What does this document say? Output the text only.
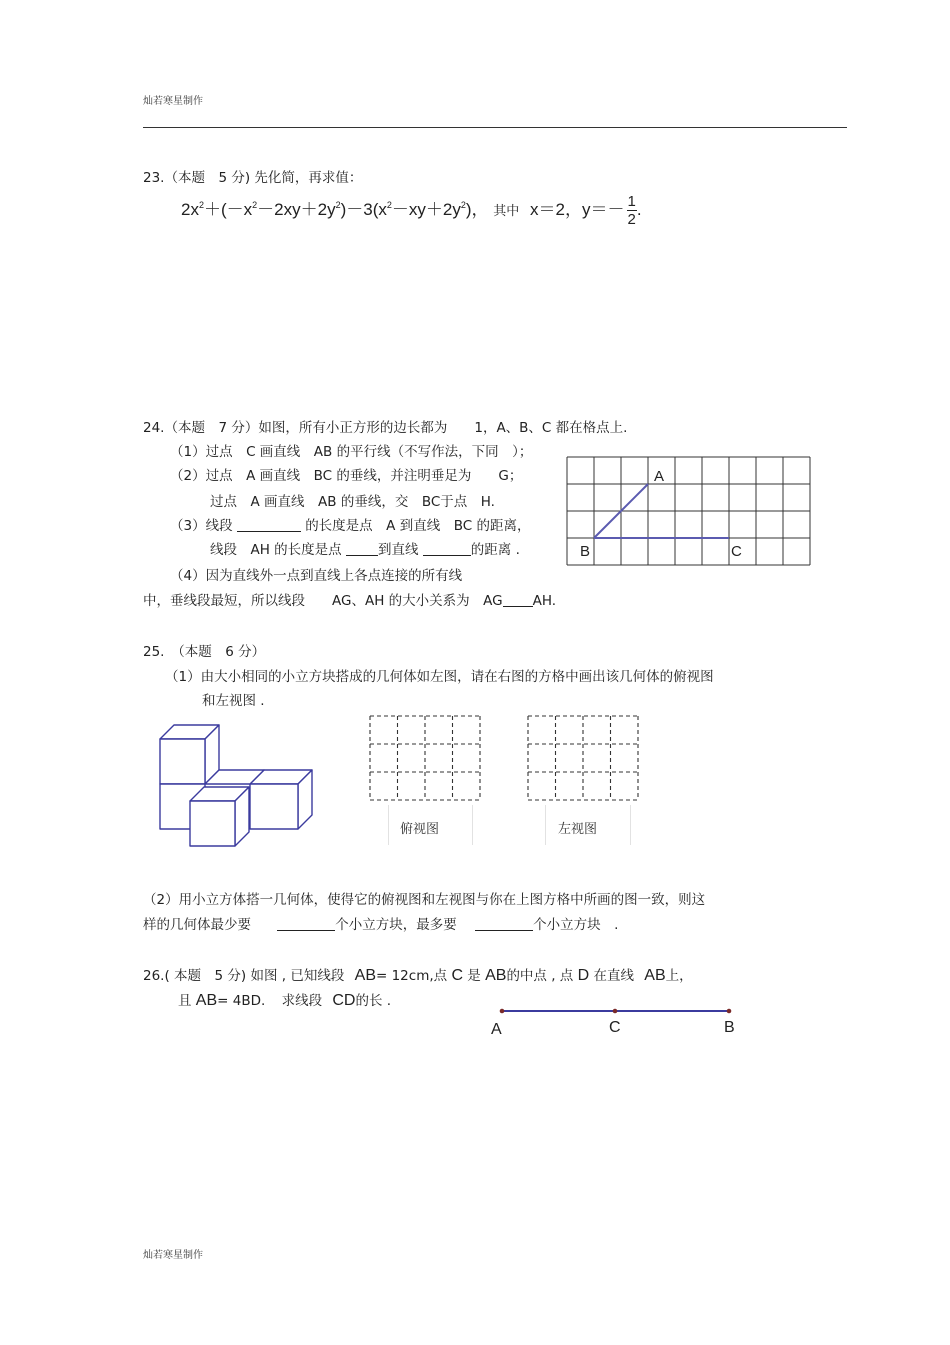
灿若寒星制作
23.（本题　5 分) 先化简，再求值：
$2x^2+(-x^2-2xy+2y^2)-3(x^2-xy+2y^2)$， 其中 x＝2，$y=- \frac{1}{2}$ .
24.（本题　7 分）如图，所有小正方形的边长都为　　1，A、B、C 都在格点上.
（1）过点　C 画直线　AB 的平行线（不写作法，下同　）；
（2）过点　A 画直线　BC 的垂线，并注明垂足为　　G；
过点　A 画直线　AB 的垂线，交　BC于点　H.
（3）线段	的长度是点　A 到直线　BC 的距离，
线段　AH 的长度是点	到直线	的距离 .
（4）因为直线外一点到直线上各点连接的所有线
中，垂线段最短，所以线段　　AG、AH 的大小关系为　AG AH.
A
B	C
25.　（本题　6 分）
（1）由大小相同的小立方块搭成的几何体如左图，请在右图的方格中画出该几何体的俯视图
和左视图 .
俯视图	左视图
（2）用小立方体搭一几何体，使得它的俯视图和左视图与你在上图方格中所画的图一致，则这
样的几何体最少要	个小立方块，最多要	个小立方块　.
26.( 本题　5 分) 如图 , 已知线段 AB= 12cm,点 C 是 AB的中点 , 点 D 在直线 AB上，
且 AB= 4BD. 求线段 CD的长 .
A	C	B
灿若寒星制作
